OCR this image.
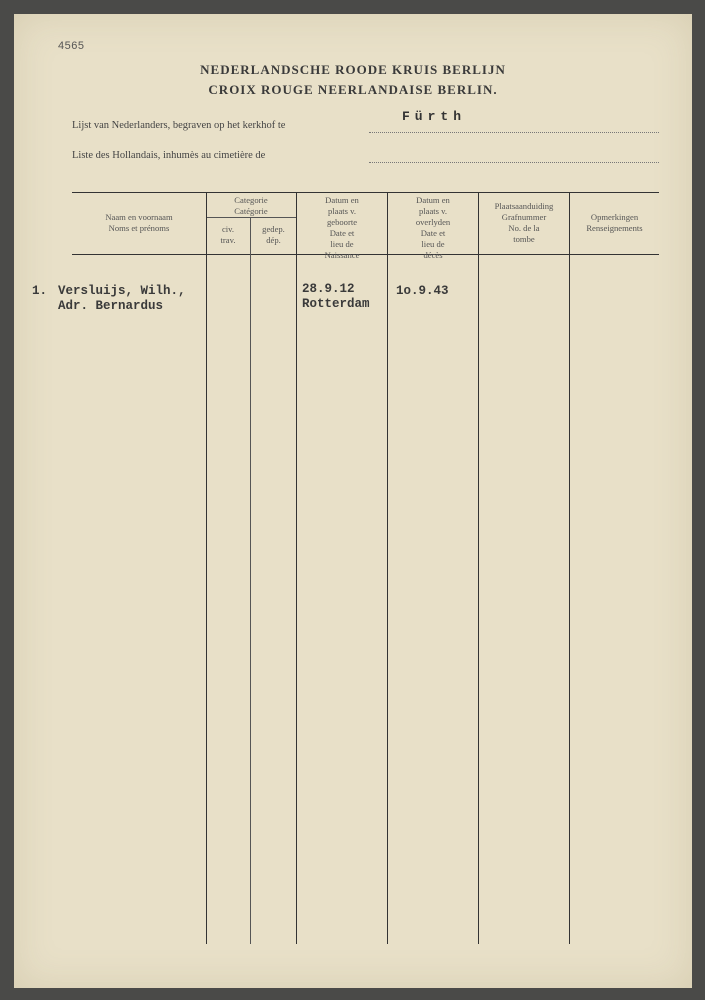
4565
NEDERLANDSCHE ROODE KRUIS BERLIJN
CROIX ROUGE NEERLANDAISE BERLIN.
Lijst van Nederlanders, begraven op het kerkhof te
Fürth
Liste des Hollandais, inhumès au cimetière de
Naam en voornaam
Noms et prénoms
Categorie
Catégorie
civ.
trav.
gedep.
dép.
Datum en
plaats v.
geboorte
Date et
lieu de
Naissance
Datum en
plaats v.
overlyden
Date et
lieu de
décès
Plaatsaanduiding
Grafnummer
No. de la
tombe
Opmerkingen
Renseignements
1. Versluijs, Wilh.,
Adr. Bernardus
28.9.12
Rotterdam
1o.9.43
